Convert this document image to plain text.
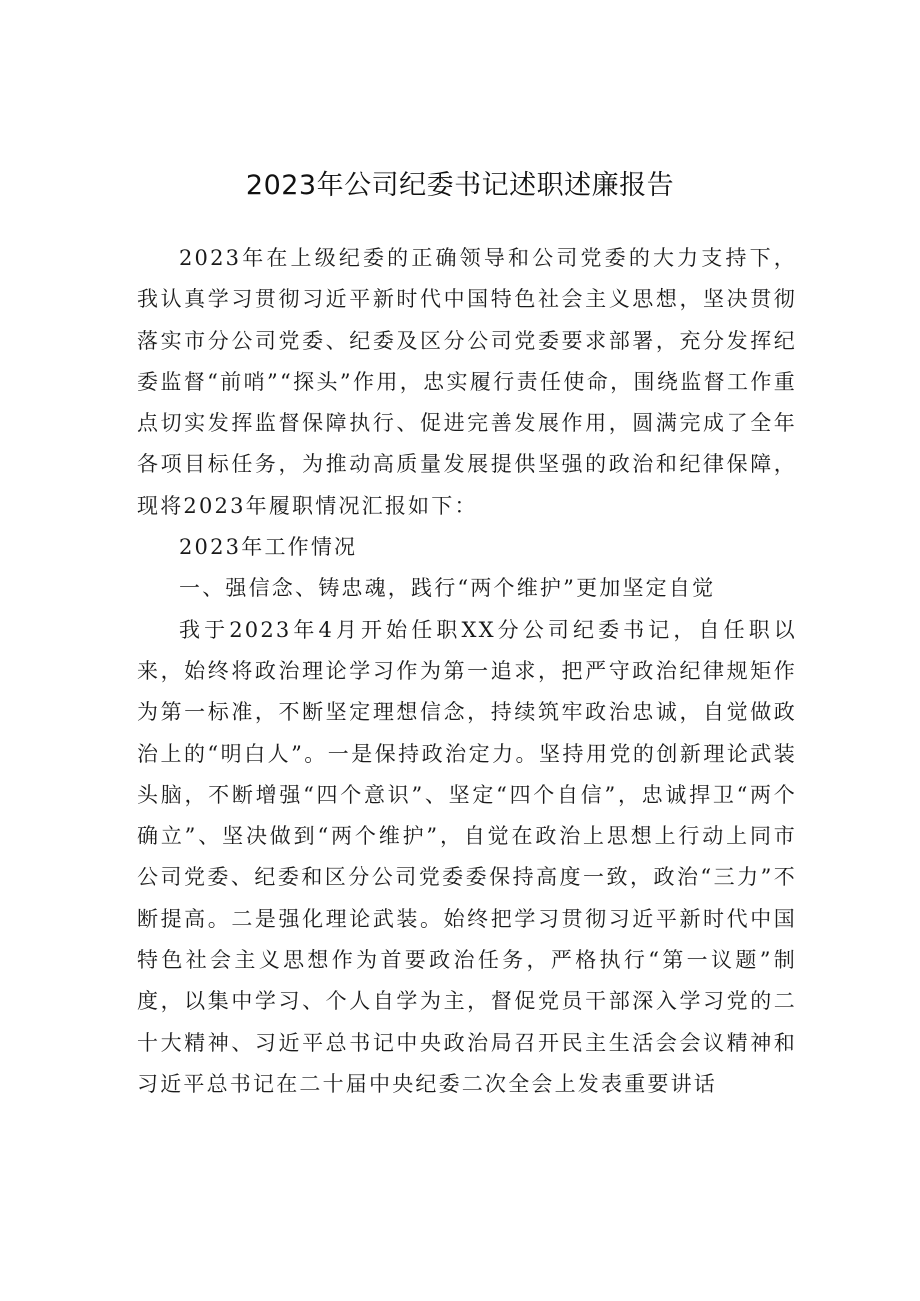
2023年公司纪委书记述职述廉报告

2023年在上级纪委的正确领导和公司党委的大力支持下，我认真学习贯彻习近平新时代中国特色社会主义思想，坚决贯彻落实市分公司党委、纪委及区分公司党委要求部署，充分发挥纪委监督“前哨”“探头”作用，忠实履行责任使命，围绕监督工作重点切实发挥监督保障执行、促进完善发展作用，圆满完成了全年各项目标任务，为推动高质量发展提供坚强的政治和纪律保障，现将2023年履职情况汇报如下：

2023年工作情况

一、强信念、铸忠魂，践行“两个维护”更加坚定自觉

我于2023年4月开始任职XX分公司纪委书记，自任职以来，始终将政治理论学习作为第一追求，把严守政治纪律规矩作为第一标准，不断坚定理想信念，持续筑牢政治忠诚，自觉做政治上的“明白人”。一是保持政治定力。坚持用党的创新理论武装头脑，不断增强“四个意识”、坚定“四个自信”，忠诚捍卫“两个确立”、坚决做到“两个维护”，自觉在政治上思想上行动上同市公司党委、纪委和区分公司党委委保持高度一致，政治“三力”不断提高。二是强化理论武装。始终把学习贯彻习近平新时代中国特色社会主义思想作为首要政治任务，严格执行“第一议题”制度，以集中学习、个人自学为主，督促党员干部深入学习党的二十大精神、习近平总书记中央政治局召开民主生活会会议精神和习近平总书记在二十届中央纪委二次全会上发表重要讲话
